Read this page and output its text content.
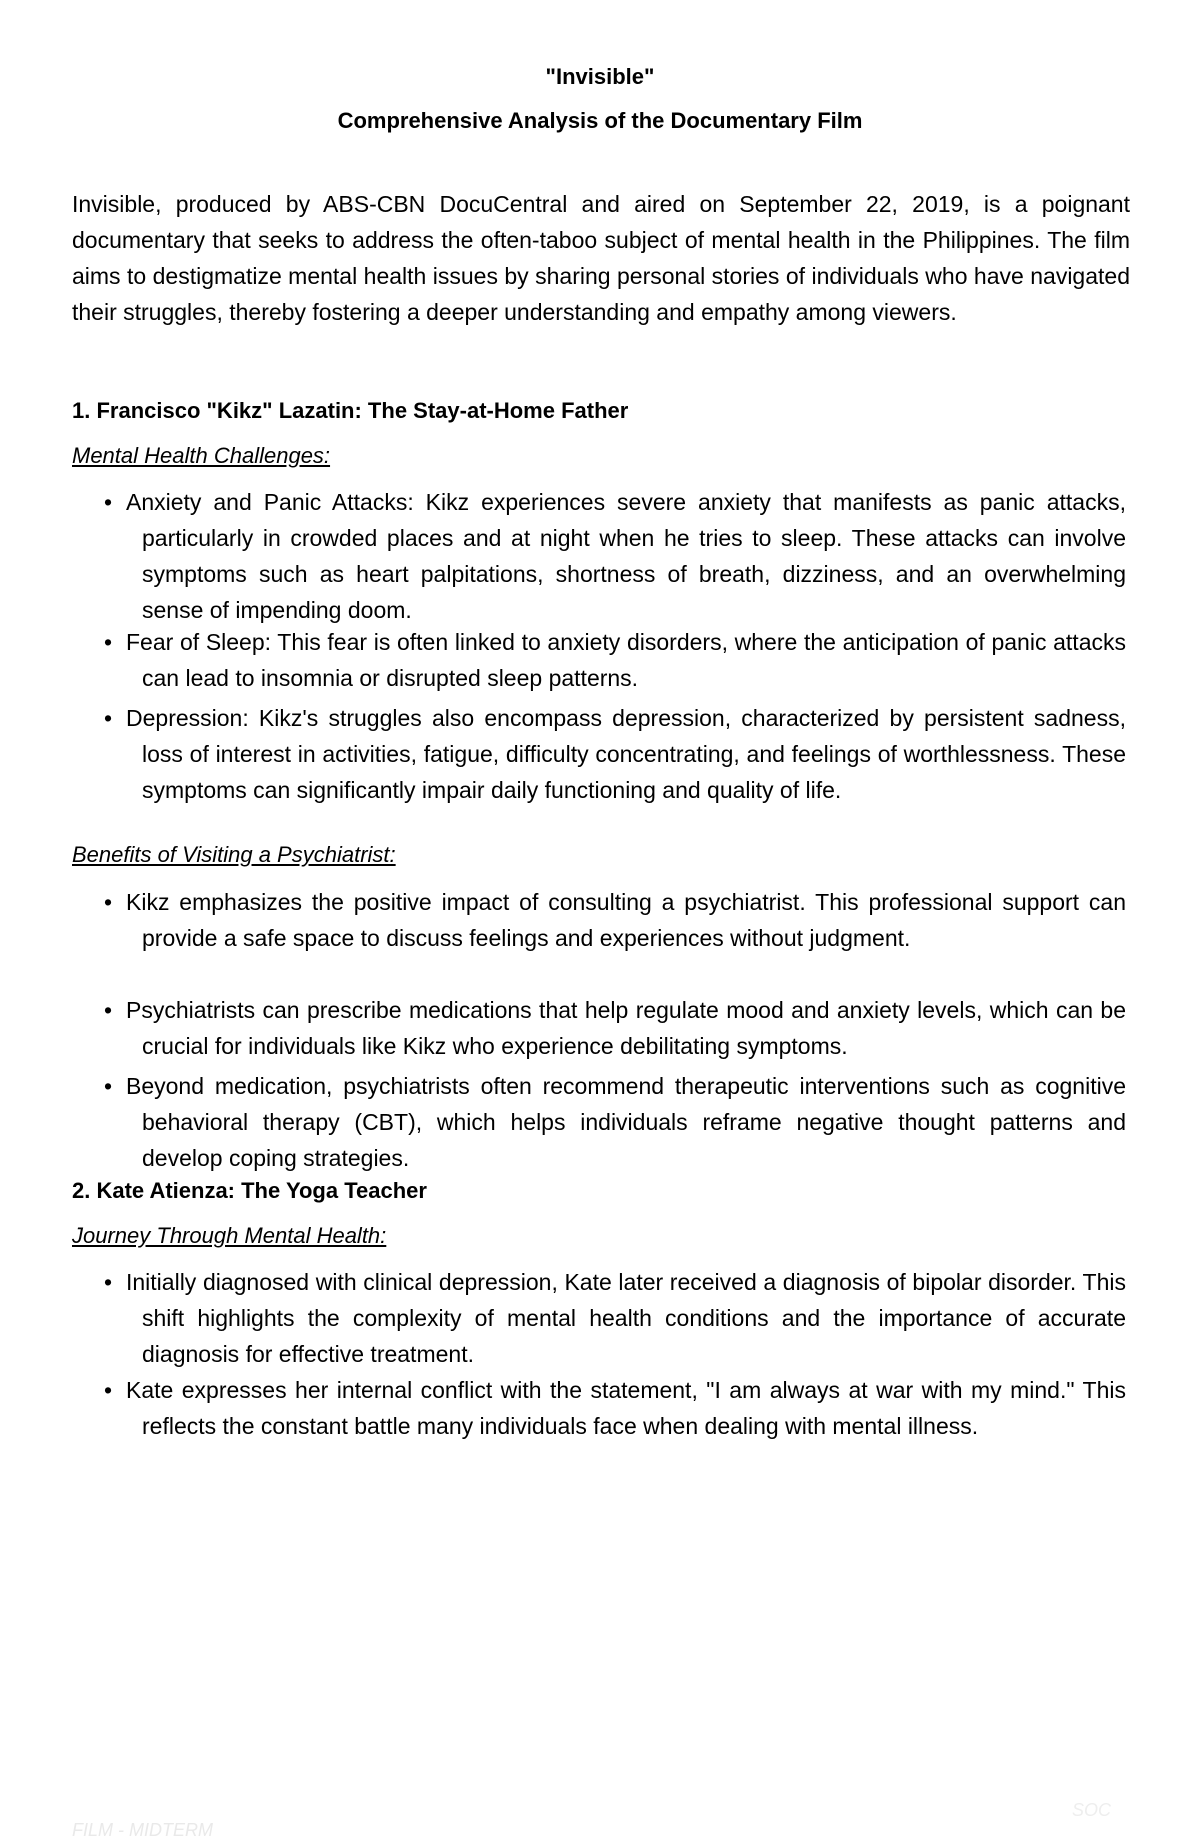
"Invisible"
Comprehensive Analysis of the Documentary Film
Invisible, produced by ABS-CBN DocuCentral and aired on September 22, 2019, is a poignant documentary that seeks to address the often-taboo subject of mental health in the Philippines. The film aims to destigmatize mental health issues by sharing personal stories of individuals who have navigated their struggles, thereby fostering a deeper understanding and empathy among viewers.
1. Francisco "Kikz" Lazatin: The Stay-at-Home Father
Mental Health Challenges:
• Anxiety and Panic Attacks: Kikz experiences severe anxiety that manifests as panic attacks, particularly in crowded places and at night when he tries to sleep. These attacks can involve symptoms such as heart palpitations, shortness of breath, dizziness, and an overwhelming sense of impending doom.
• Fear of Sleep: This fear is often linked to anxiety disorders, where the anticipation of panic attacks can lead to insomnia or disrupted sleep patterns.
• Depression: Kikz's struggles also encompass depression, characterized by persistent sadness, loss of interest in activities, fatigue, difficulty concentrating, and feelings of worthlessness. These symptoms can significantly impair daily functioning and quality of life.
Benefits of Visiting a Psychiatrist:
• Kikz emphasizes the positive impact of consulting a psychiatrist. This professional support can provide a safe space to discuss feelings and experiences without judgment.
• Psychiatrists can prescribe medications that help regulate mood and anxiety levels, which can be crucial for individuals like Kikz who experience debilitating symptoms.
• Beyond medication, psychiatrists often recommend therapeutic interventions such as cognitive behavioral therapy (CBT), which helps individuals reframe negative thought patterns and develop coping strategies.
2. Kate Atienza: The Yoga Teacher
Journey Through Mental Health:
• Initially diagnosed with clinical depression, Kate later received a diagnosis of bipolar disorder. This shift highlights the complexity of mental health conditions and the importance of accurate diagnosis for effective treatment.
• Kate expresses her internal conflict with the statement, "I am always at war with my mind." This reflects the constant battle many individuals face when dealing with mental illness.
FILM - MIDTERM
SOC
